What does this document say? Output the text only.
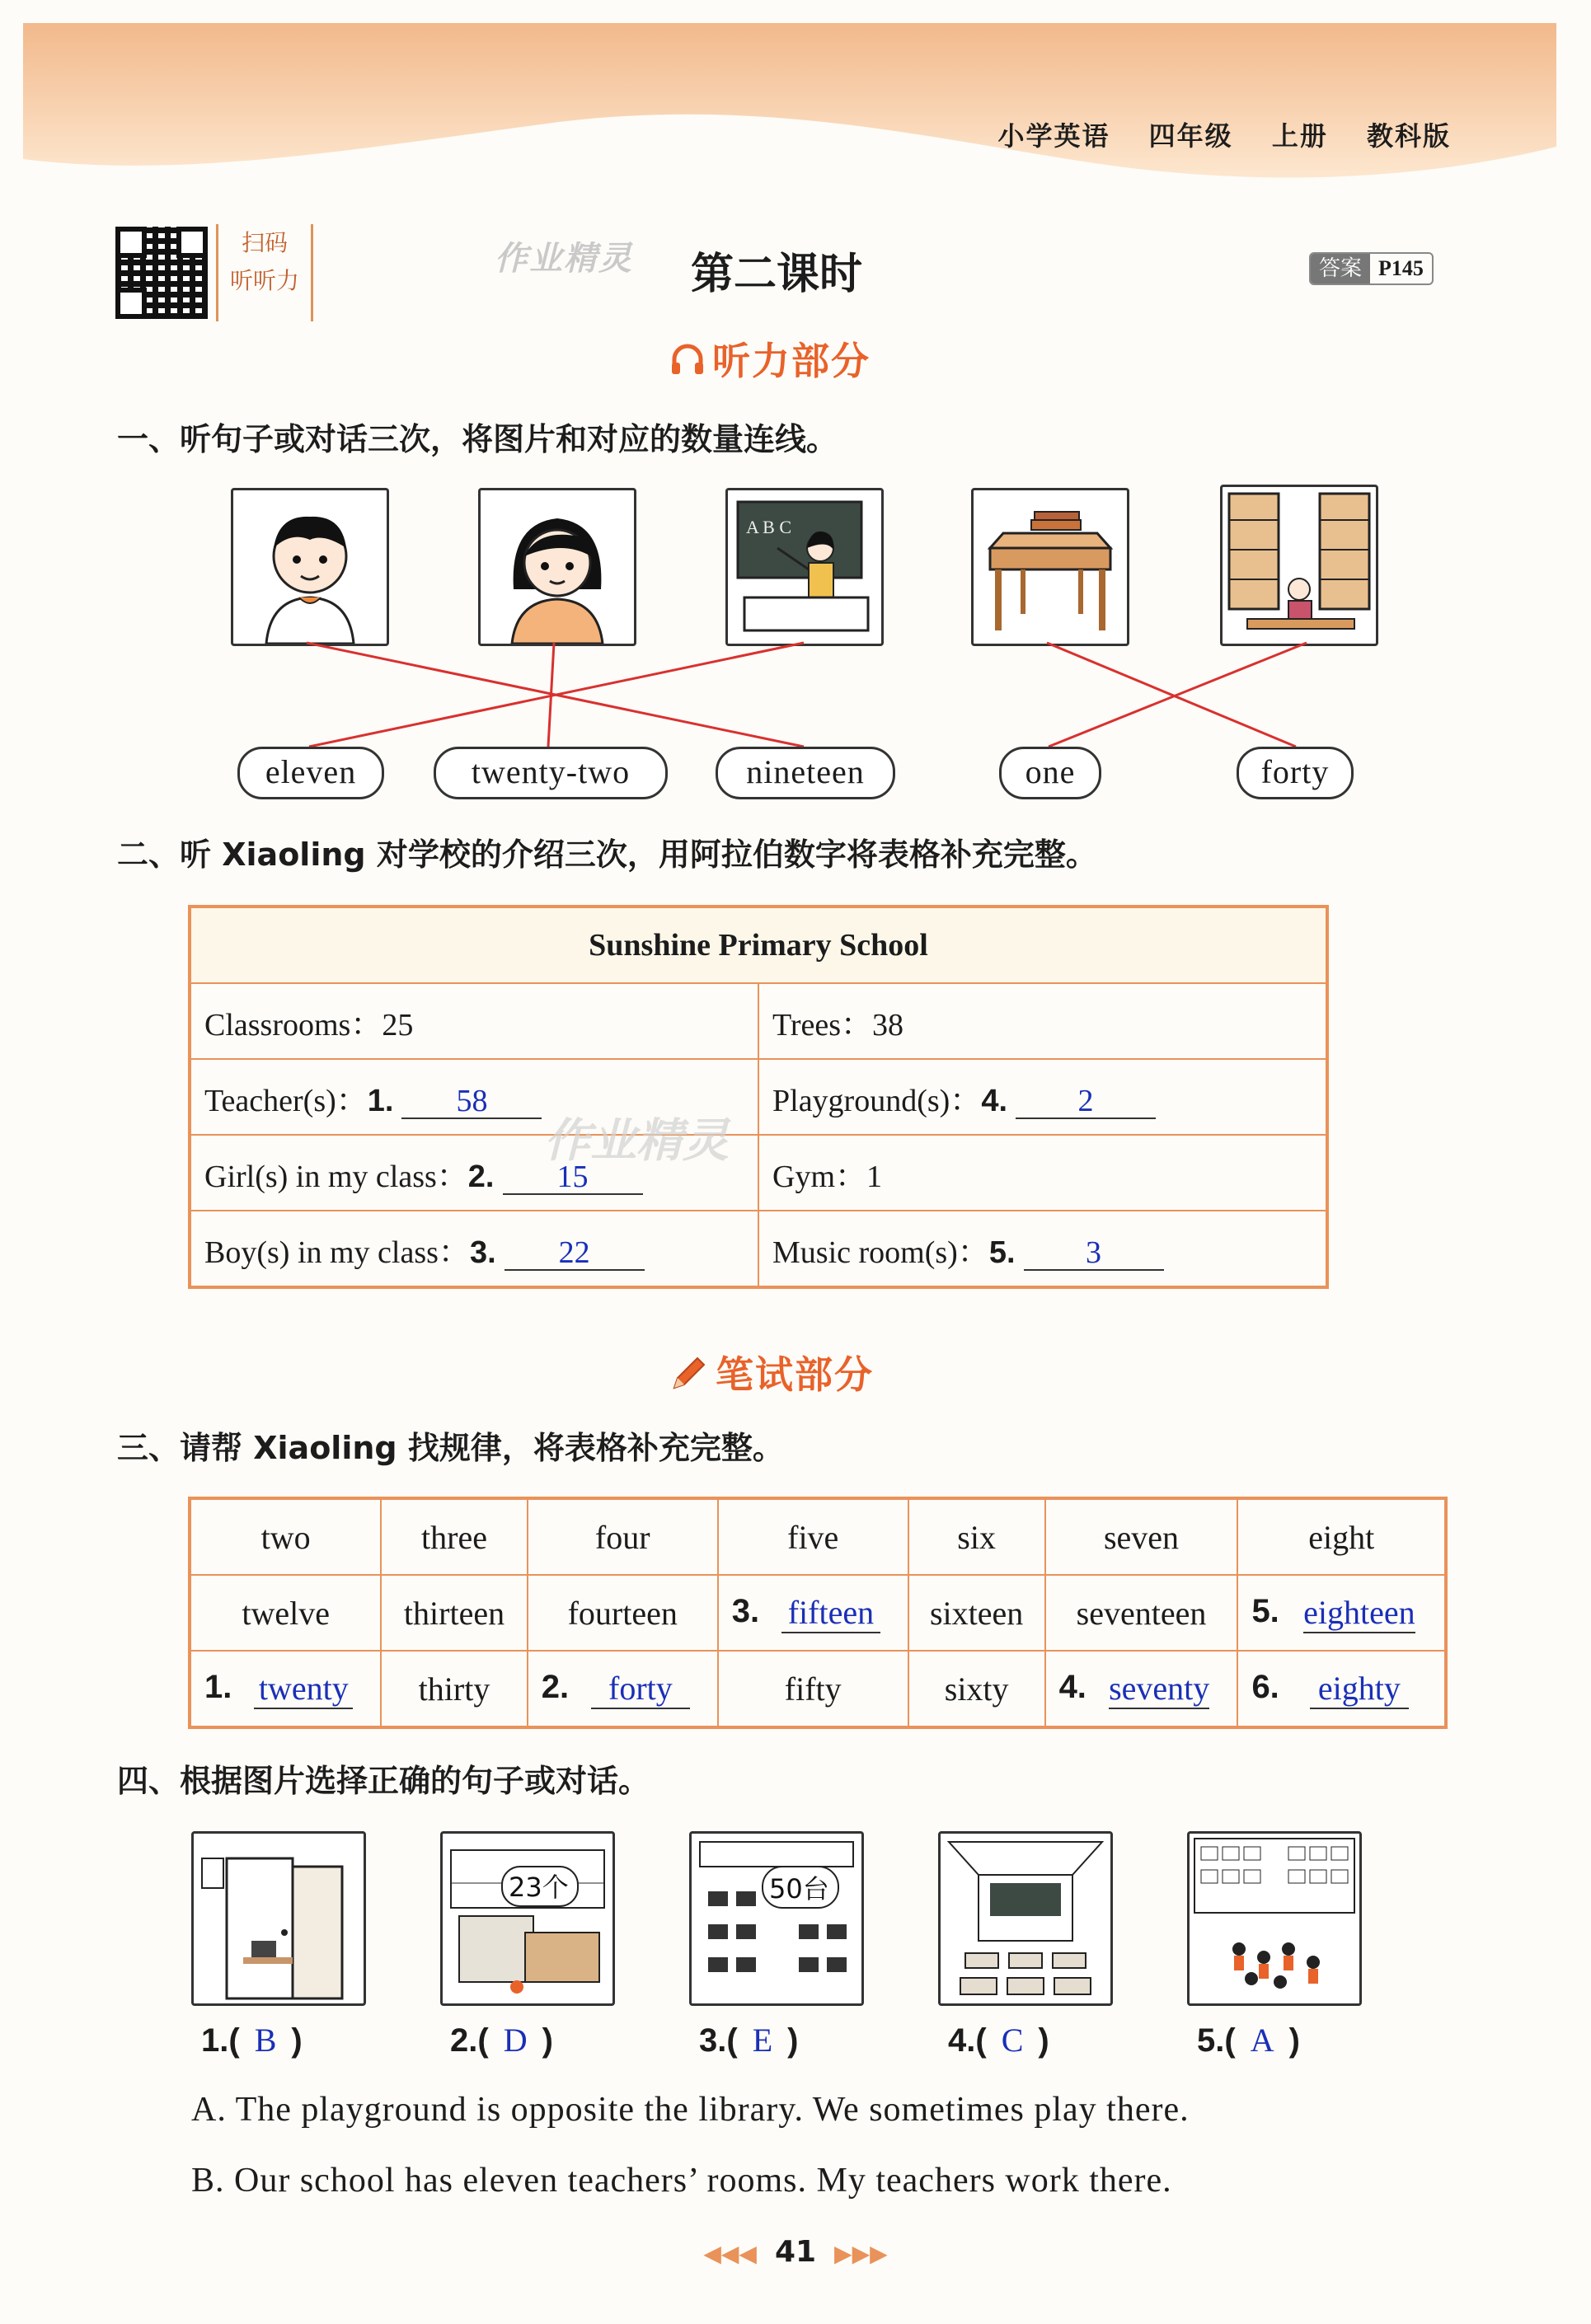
小学英语 四年级 上册 教科版
扫码
听听力
作业精灵 第二课时	答案 P145
听力部分
一、听句子或对话三次，将图片和对应的数量连线。
A B C
eleven	twenty-two	nineteen	one	forty
二、听 Xiaoling 对学校的介绍三次，用阿拉伯数字将表格补充完整。
Sunshine Primary School	
Classrooms：25	Trees：38
Teacher(s)：1. 58	Playground(s)：4. 2
Girl(s) in my class：2. 15	Gym：1
Boy(s) in my class：3. 22	Music room(s)：5. 3
作业精灵
笔试部分
三、请帮 Xiaoling 找规律，将表格补充完整。
two	three	four	five	six	seven	eight
twelve	thirteen	fourteen	3. fifteen	sixteen	seventeen	5. eighteen

1. twenty	thirty	2. forty	fifty	sixty	4. seventy	6. eighty
四、根据图片选择正确的句子或对话。
23个	50台
1.( B )	2.( D )	3.( E )	4.( C )	5.( A )
A. The playground is opposite the library. We sometimes play there.
B. Our school has eleven teachers’ rooms. My teachers work there.
◀◀◀ 41 ▶▶▶
